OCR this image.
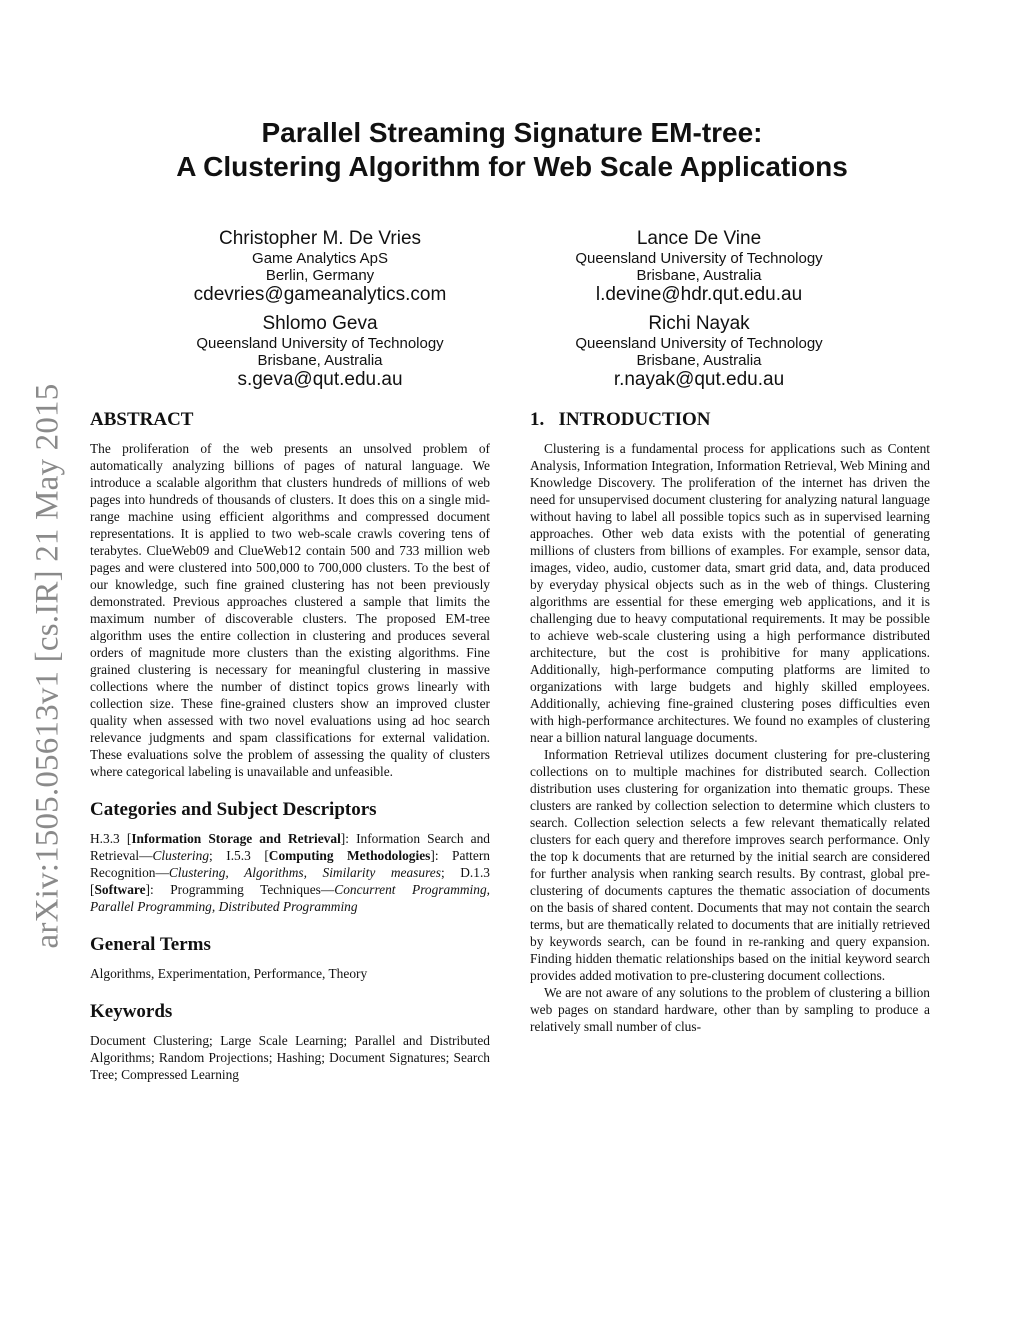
Parallel Streaming Signature EM-tree:
A Clustering Algorithm for Web Scale Applications
Christopher M. De Vries
Game Analytics ApS
Berlin, Germany
cdevries@gameanalytics.com
Lance De Vine
Queensland University of Technology
Brisbane, Australia
l.devine@hdr.qut.edu.au
Shlomo Geva
Queensland University of Technology
Brisbane, Australia
s.geva@qut.edu.au
Richi Nayak
Queensland University of Technology
Brisbane, Australia
r.nayak@qut.edu.au
arXiv:1505.05613v1 [cs.IR] 21 May 2015 ABSTRACT

The proliferation of the web presents an unsolved problem of automatically analyzing billions of pages of natural language. We introduce a scalable algorithm that clusters hundreds of millions of web pages into hundreds of thousands of clusters. It does this on a single mid-range machine using efficient algorithms and compressed document representations. It is applied to two web-scale crawls covering tens of terabytes. ClueWeb09 and ClueWeb12 contain 500 and 733 million web pages and were clustered into 500,000 to 700,000 clusters. To the best of our knowledge, such fine grained clustering has not been previously demonstrated. Previous approaches clustered a sample that limits the maximum number of discoverable clusters. The proposed EM-tree algorithm uses the entire collection in clustering and produces several orders of magnitude more clusters than the existing algorithms. Fine grained clustering is necessary for meaningful clustering in massive collections where the number of distinct topics grows linearly with collection size. These fine-grained clusters show an improved cluster quality when assessed with two novel evaluations using ad hoc search relevance judgments and spam classifications for external validation. These evaluations solve the problem of assessing the quality of clusters where categorical labeling is unavailable and unfeasible.

Categories and Subject Descriptors

H.3.3 [Information Storage and Retrieval]: Information Search and Retrieval—Clustering; I.5.3 [Computing Methodologies]: Pattern Recognition—Clustering, Algorithms, Similarity measures; D.1.3 [Software]: Programming Techniques—Concurrent Programming, Parallel Programming, Distributed Programming

General Terms

Algorithms, Experimentation, Performance, Theory

Keywords

Document Clustering; Large Scale Learning; Parallel and Distributed Algorithms; Random Projections; Hashing; Document Signatures; Search Tree; Compressed Learning

1.   INTRODUCTION

Clustering is a fundamental process for applications such as Content Analysis, Information Integration, Information Retrieval, Web Mining and Knowledge Discovery. The proliferation of the internet has driven the need for unsupervised document clustering for analyzing natural language without having to label all possible topics such as in supervised learning approaches. Other web data exists with the potential of generating millions of clusters from billions of examples. For example, sensor data, images, video, audio, customer data, smart grid data, and, data produced by everyday physical objects such as in the web of things. Clustering algorithms are essential for these emerging web applications, and it is challenging due to heavy computational requirements. It may be possible to achieve web-scale clustering using a high performance distributed architecture, but the cost is prohibitive for many applications. Additionally, high-performance computing platforms are limited to organizations with large budgets and highly skilled employees. Additionally, achieving fine-grained clustering poses difficulties even with high-performance architectures. We found no examples of clustering near a billion natural language documents.

Information Retrieval utilizes document clustering for pre-clustering collections on to multiple machines for distributed search. Collection distribution uses clustering for organization into thematic groups. These clusters are ranked by collection selection to determine which clusters to search. Collection selection selects a few relevant thematically related clusters for each query and therefore improves search performance. Only the top k documents that are returned by the initial search are considered for further analysis when ranking search results. By contrast, global pre-clustering of documents captures the thematic association of documents on the basis of shared content. Documents that may not contain the search terms, but are thematically related to documents that are initially retrieved by keywords search, can be found in re-ranking and query expansion. Finding hidden thematic relationships based on the initial keyword search provides added motivation to pre-clustering document collections.

We are not aware of any solutions to the problem of clustering a billion web pages on standard hardware, other than by sampling to produce a relatively small number of clus-
